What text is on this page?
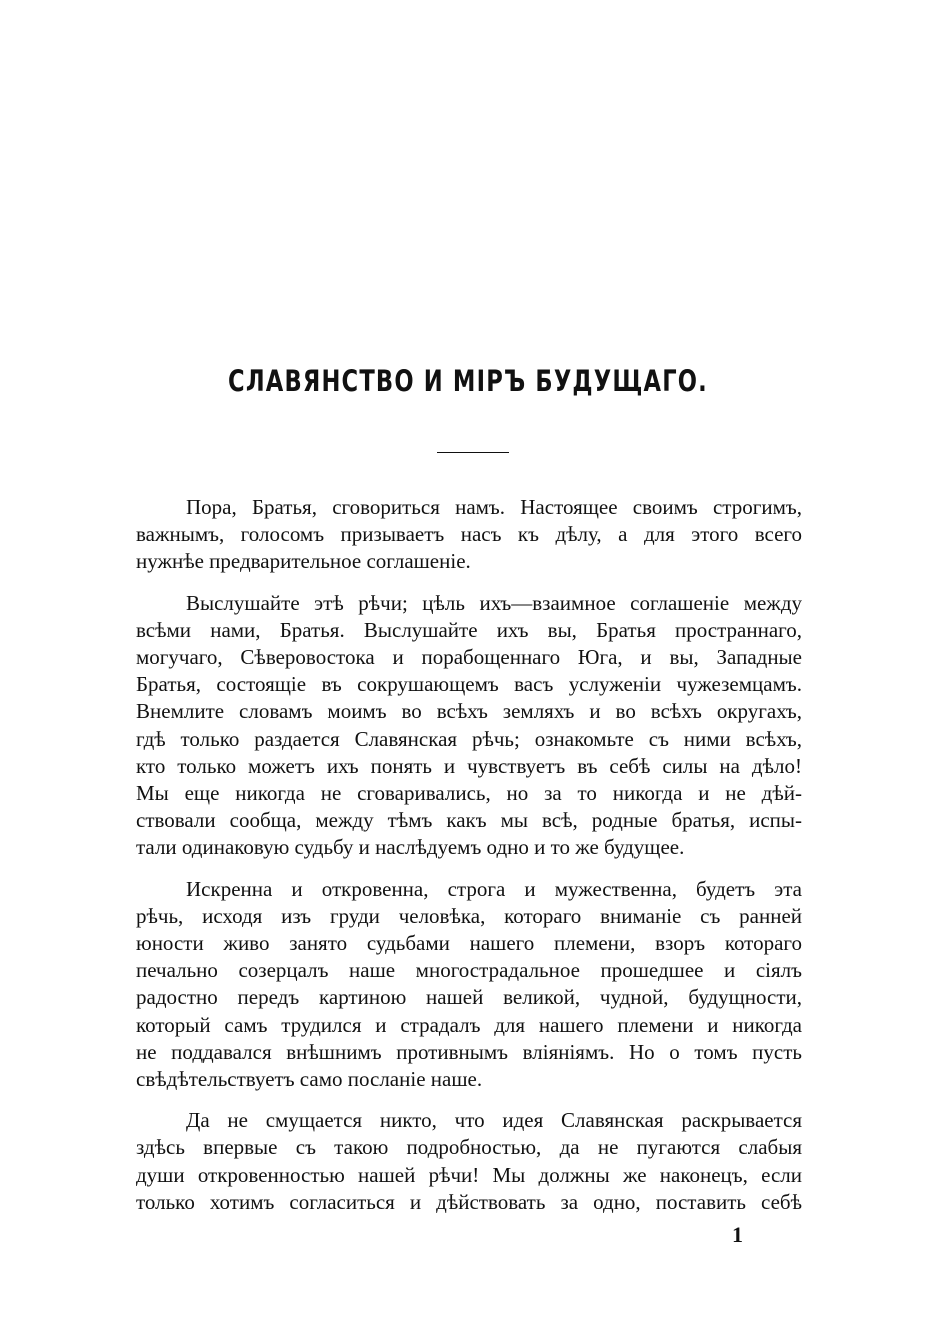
СЛАВЯНСТВО И МІРЪ БУДУЩАГО.
Пора, Братья, сговориться намъ. Настоящее своимъ строгимъ,
важнымъ, голосомъ призываетъ насъ къ дѣлу, а для этого всего
нужнѣе предварительное соглашеніе.
Выслушайте этѣ рѣчи; цѣль ихъ—взаимное соглашеніе между
всѣми нами, Братья. Выслушайте ихъ вы, Братья пространнаго,
могучаго, Сѣверовостока и порабощеннаго Юга, и вы, Западные
Братья, состоящіе въ сокрушающемъ васъ услуженіи чужеземцамъ.
Внемлите словамъ моимъ во всѣхъ земляхъ и во всѣхъ округахъ,
гдѣ только раздается Славянская рѣчь; ознакомьте съ ними всѣхъ,
кто только можетъ ихъ понять и чувствуетъ въ себѣ силы на дѣло!
Мы еще никогда не сговаривались, но за то никогда и не дѣй-
ствовали сообща, между тѣмъ какъ мы всѣ, родные братья, испы-
тали одинаковую судьбу и наслѣдуемъ одно и то же будущее.
Искренна и откровенна, строга и мужественна, будетъ эта
рѣчь, исходя изъ груди человѣка, котораго вниманіе съ ранней
юности живо занято судьбами нашего племени, взоръ котораго
печально созерцалъ наше многострадальное прошедшее и сіялъ
радостно передъ картиною нашей великой, чудной, будущности,
который самъ трудился и страдалъ для нашего племени и никогда
не поддавался внѣшнимъ противнымъ вліяніямъ. Но о томъ пусть
свѣдѣтельствуетъ само посланіе наше.
Да не смущается никто, что идея Славянская раскрывается
здѣсь впервые съ такою подробностью, да не пугаются слабыя
души откровенностью нашей рѣчи! Мы должны же наконецъ, если
только хотимъ согласиться и дѣйствовать за одно, поставить себѣ
1
